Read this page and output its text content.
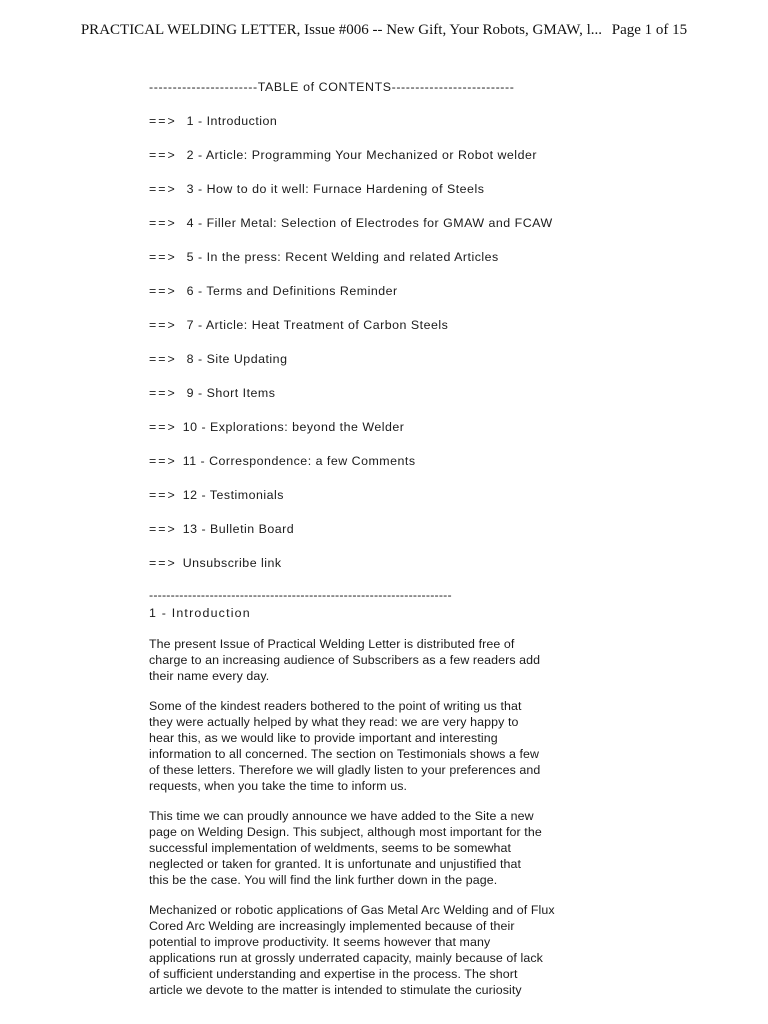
PRACTICAL WELDING LETTER, Issue #006 -- New Gift, Your Robots, GMAW, l... Page 1 of 15
-----------------------TABLE of CONTENTS--------------------------
==> 1 - Introduction
==> 2 - Article: Programming Your Mechanized or Robot welder
==> 3 - How to do it well: Furnace Hardening of Steels
==> 4 - Filler Metal: Selection of Electrodes for GMAW and FCAW
==> 5 - In the press: Recent Welding and related Articles
==> 6 - Terms and Definitions Reminder
==> 7 - Article: Heat Treatment of Carbon Steels
==> 8 - Site Updating
==> 9 - Short Items
==> 10 - Explorations: beyond the Welder
==> 11 - Correspondence: a few Comments
==> 12 - Testimonials
==> 13 - Bulletin Board
==> Unsubscribe link
----------------------------------------------------------------------
1 - Introduction

The present Issue of Practical Welding Letter is distributed free of
charge to an increasing audience of Subscribers as a few readers add
their name every day.

Some of the kindest readers bothered to the point of writing us that
they were actually helped by what they read: we are very happy to
hear this, as we would like to provide important and interesting
information to all concerned. The section on Testimonials shows a few
of these letters. Therefore we will gladly listen to your preferences and
requests, when you take the time to inform us.

This time we can proudly announce we have added to the Site a new
page on Welding Design. This subject, although most important for the
successful implementation of weldments, seems to be somewhat
neglected or taken for granted. It is unfortunate and unjustified that
this be the case. You will find the link further down in the page.

Mechanized or robotic applications of Gas Metal Arc Welding and of Flux
Cored Arc Welding are increasingly implemented because of their
potential to improve productivity. It seems however that many
applications run at grossly underrated capacity, mainly because of lack
of sufficient understanding and expertise in the process. The short
article we devote to the matter is intended to stimulate the curiosity
